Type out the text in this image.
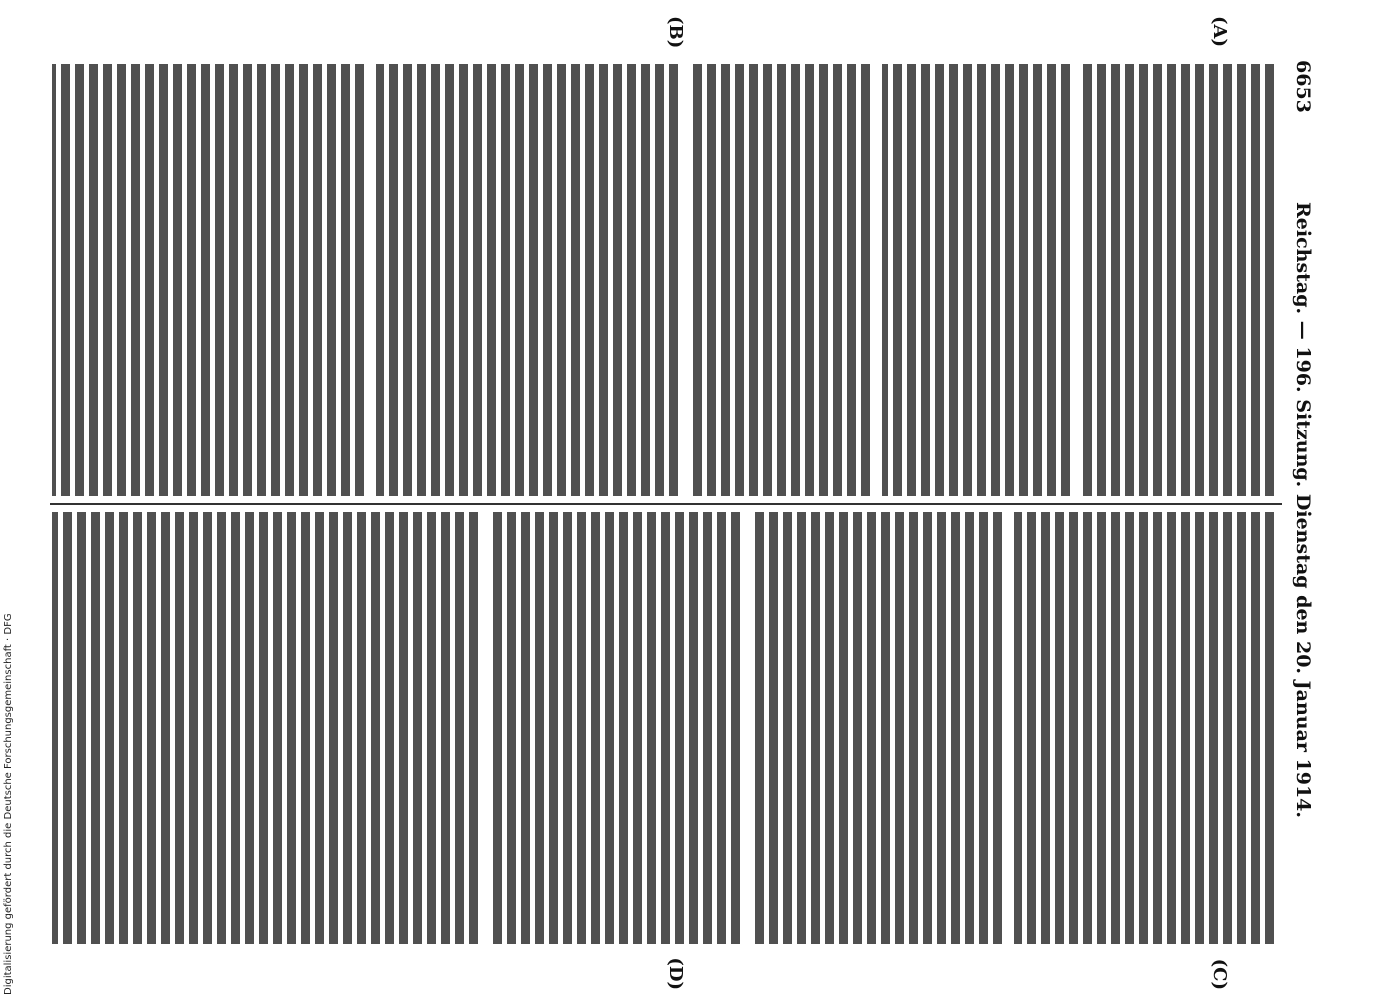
6653
Reichstag. — 196. Sitzung. Dienstag den 20. Januar 1914.
(A)
(B)
(C)
(D)
Digitalisierung gefördert durch die Deutsche Forschungsgemeinschaft · DFG
